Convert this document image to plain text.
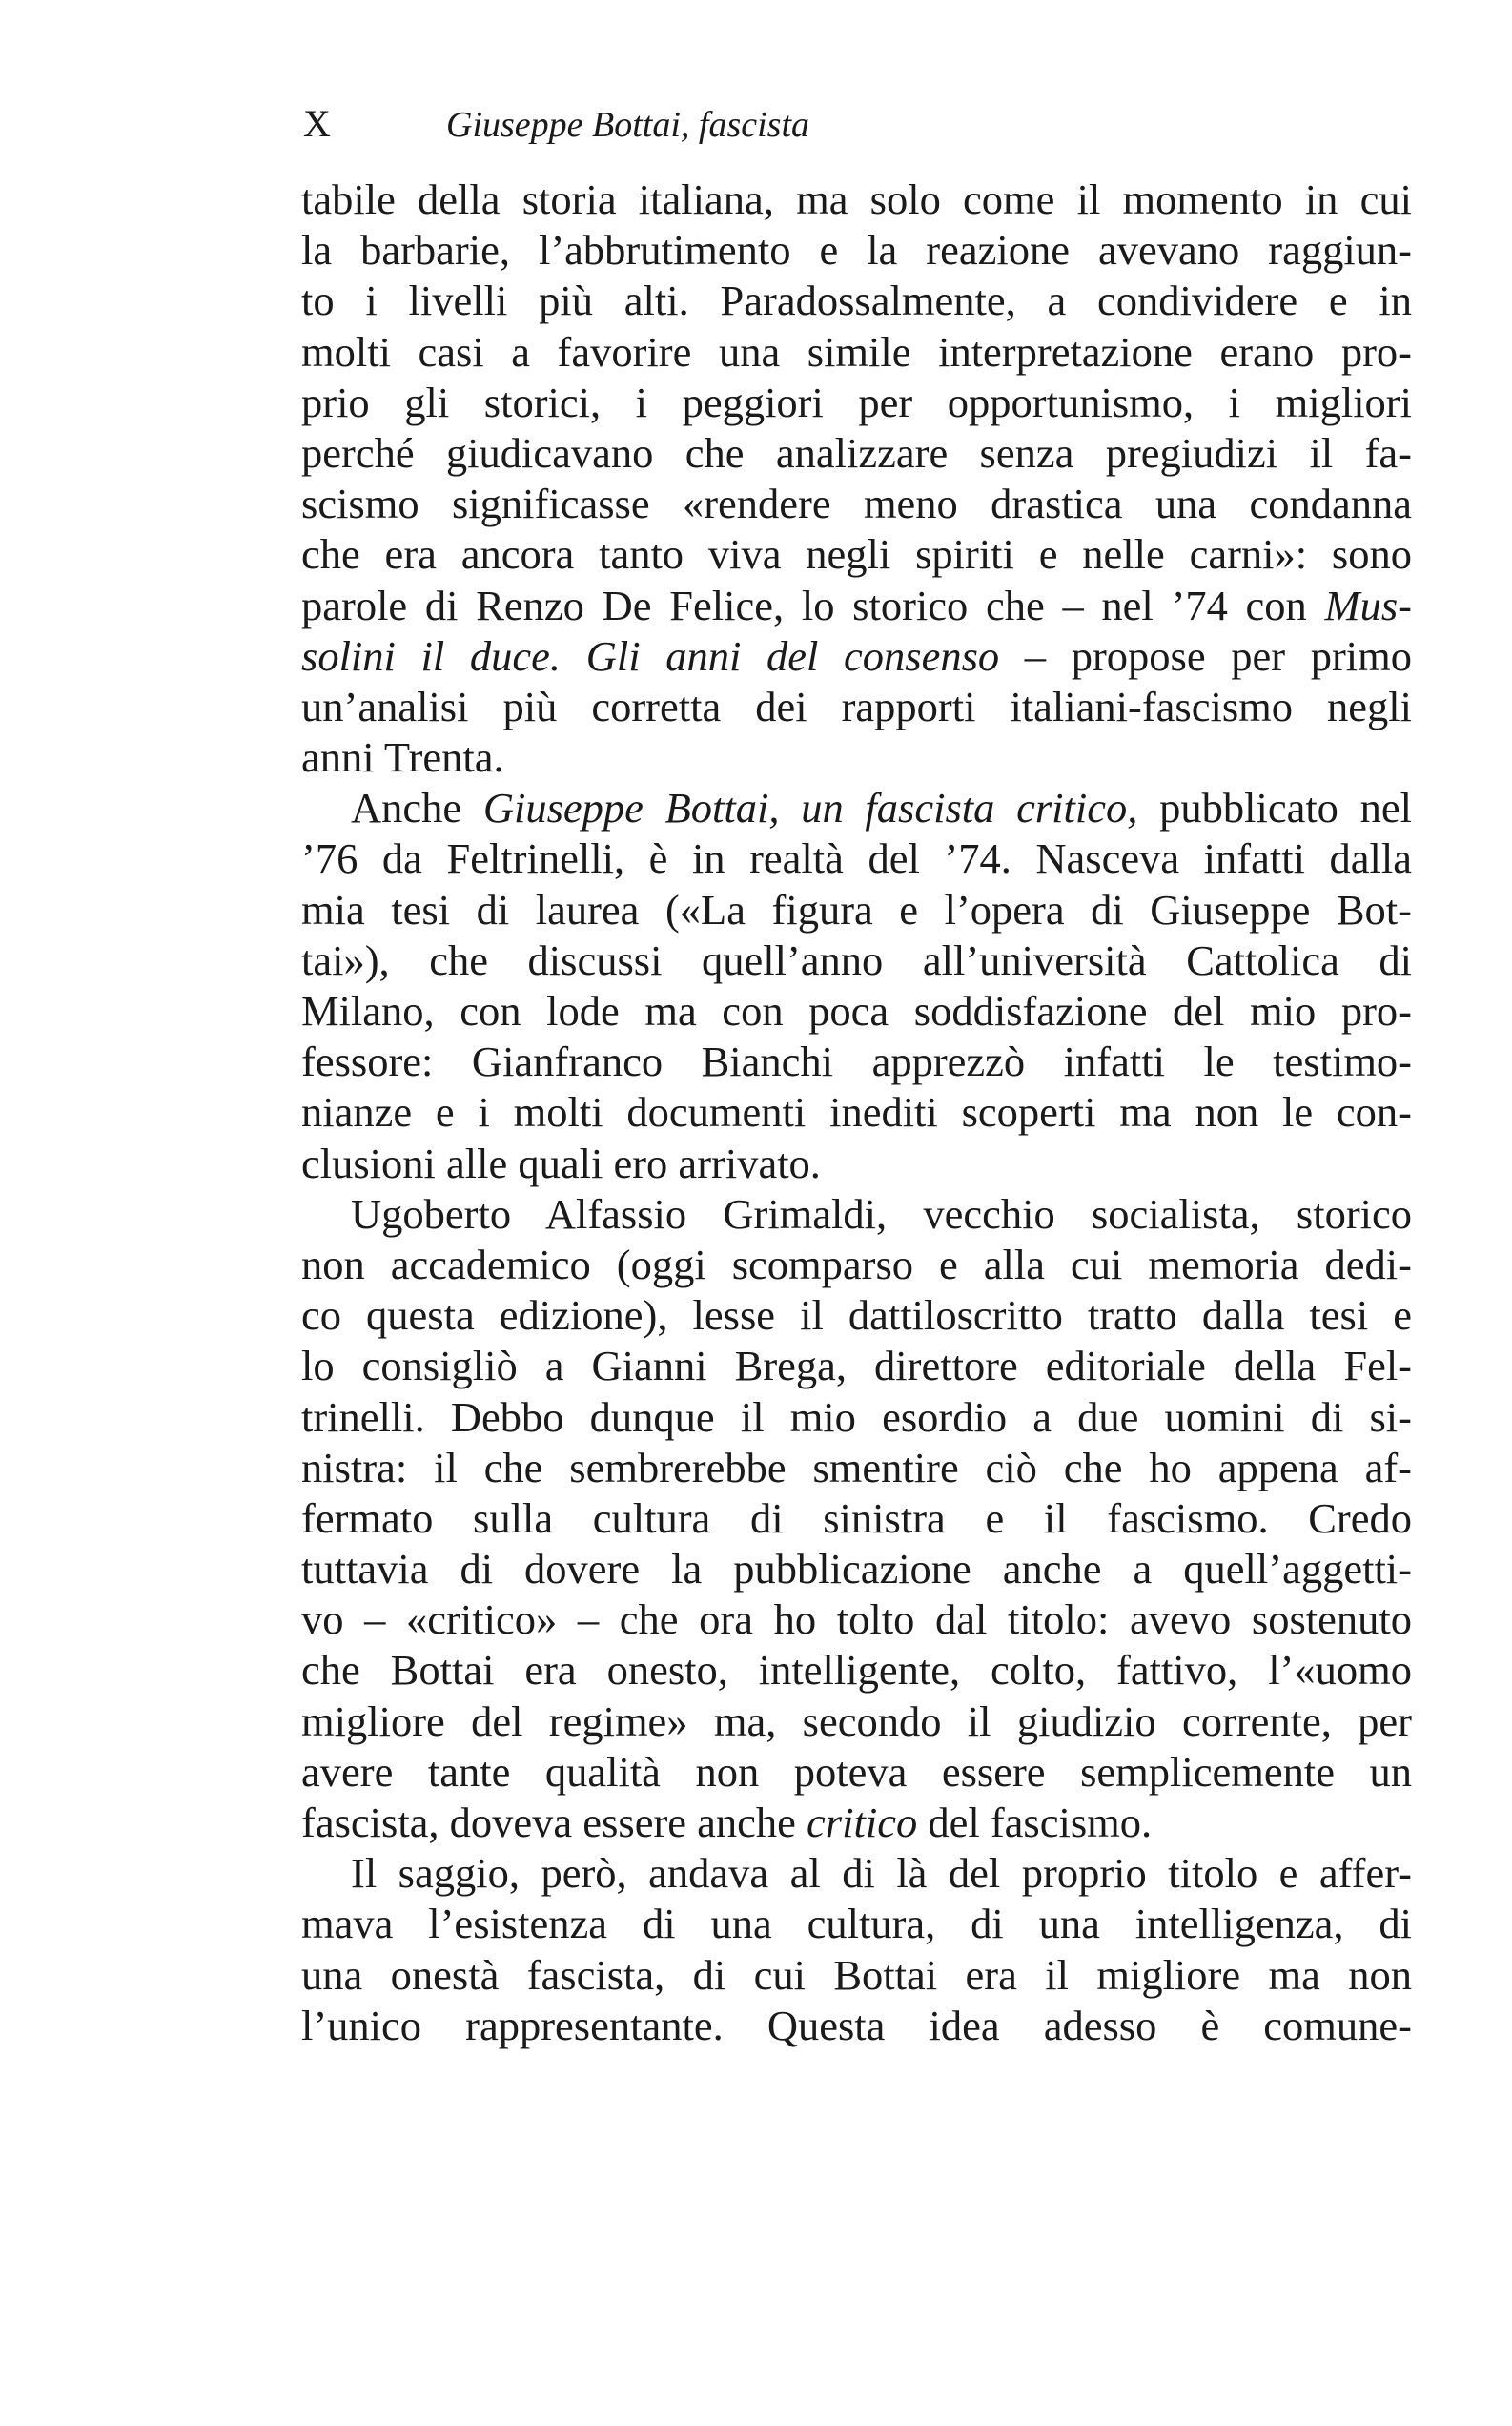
X	Giuseppe Bottai, fascista
tabile della storia italiana, ma solo come il momento in cui
la barbarie, l’abbrutimento e la reazione avevano raggiun-
to i livelli più alti. Paradossalmente, a condividere e in
molti casi a favorire una simile interpretazione erano pro-
prio gli storici, i peggiori per opportunismo, i migliori
perché giudicavano che analizzare senza pregiudizi il fa-
scismo significasse «rendere meno drastica una condanna
che era ancora tanto viva negli spiriti e nelle carni»: sono
parole di Renzo De Felice, lo storico che – nel ’74 con Mus-
solini il duce. Gli anni del consenso – propose per primo
un’analisi più corretta dei rapporti italiani-fascismo negli
anni Trenta.
Anche Giuseppe Bottai, un fascista critico, pubblicato nel
’76 da Feltrinelli, è in realtà del ’74. Nasceva infatti dalla
mia tesi di laurea («La figura e l’opera di Giuseppe Bot-
tai»), che discussi quell’anno all’università Cattolica di
Milano, con lode ma con poca soddisfazione del mio pro-
fessore: Gianfranco Bianchi apprezzò infatti le testimo-
nianze e i molti documenti inediti scoperti ma non le con-
clusioni alle quali ero arrivato.
Ugoberto Alfassio Grimaldi, vecchio socialista, storico
non accademico (oggi scomparso e alla cui memoria dedi-
co questa edizione), lesse il dattiloscritto tratto dalla tesi e
lo consigliò a Gianni Brega, direttore editoriale della Fel-
trinelli. Debbo dunque il mio esordio a due uomini di si-
nistra: il che sembrerebbe smentire ciò che ho appena af-
fermato sulla cultura di sinistra e il fascismo. Credo
tuttavia di dovere la pubblicazione anche a quell’aggetti-
vo – «critico» – che ora ho tolto dal titolo: avevo sostenuto
che Bottai era onesto, intelligente, colto, fattivo, l’«uomo
migliore del regime» ma, secondo il giudizio corrente, per
avere tante qualità non poteva essere semplicemente un
fascista, doveva essere anche critico del fascismo.
Il saggio, però, andava al di là del proprio titolo e affer-
mava l’esistenza di una cultura, di una intelligenza, di
una onestà fascista, di cui Bottai era il migliore ma non
l’unico rappresentante. Questa idea adesso è comune-
